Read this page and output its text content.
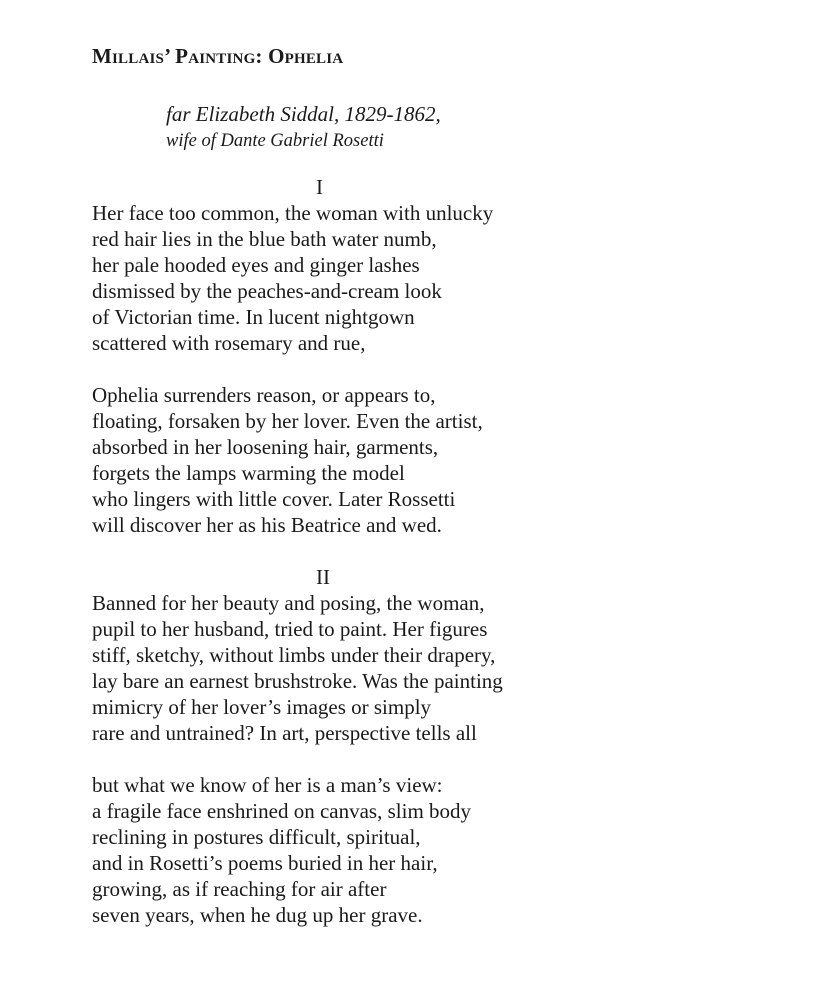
Millais’ Painting: Ophelia
far Elizabeth Siddal, 1829-1862,
wife of Dante Gabriel Rosetti
I
Her face too common, the woman with unlucky
red hair lies in the blue bath water numb,
her pale hooded eyes and ginger lashes
dismissed by the peaches-and-cream look
of Victorian time. In lucent nightgown
scattered with rosemary and rue,
Ophelia surrenders reason, or appears to,
floating, forsaken by her lover. Even the artist,
absorbed in her loosening hair, garments,
forgets the lamps warming the model
who lingers with little cover. Later Rossetti
will discover her as his Beatrice and wed.
II
Banned for her beauty and posing, the woman,
pupil to her husband, tried to paint. Her figures
stiff, sketchy, without limbs under their drapery,
lay bare an earnest brushstroke. Was the painting
mimicry of her lover’s images or simply
rare and untrained? In art, perspective tells all
but what we know of her is a man’s view:
a fragile face enshrined on canvas, slim body
reclining in postures difficult, spiritual,
and in Rosetti’s poems buried in her hair,
growing, as if reaching for air after
seven years, when he dug up her grave.
